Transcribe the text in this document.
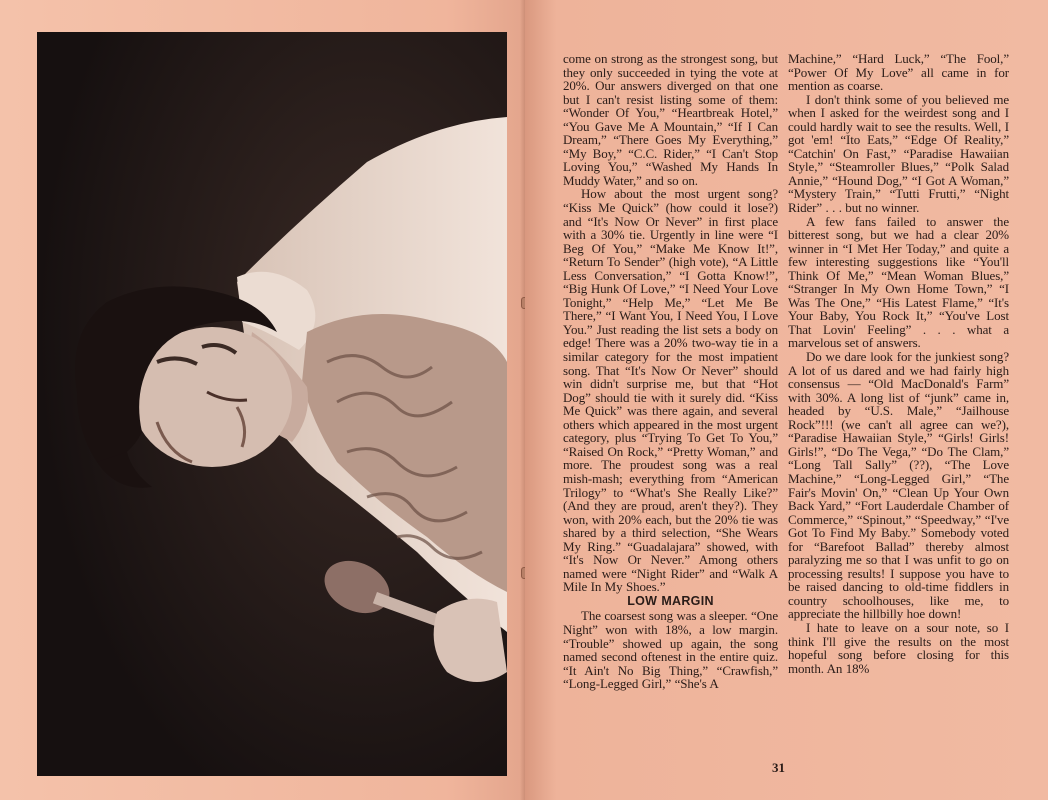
come on strong as the strongest song, but they only succeeded in tying the vote at 20%. Our answers diverged on that one but I can't resist listing some of them: “Wonder Of You,” “Heartbreak Hotel,” “You Gave Me A Mountain,” “If I Can Dream,” “There Goes My Everything,” “My Boy,” “C.C. Rider,” “I Can't Stop Loving You,” “Washed My Hands In Muddy Water,” and so on.

How about the most urgent song? “Kiss Me Quick” (how could it lose?) and “It's Now Or Never” in first place with a 30% tie. Urgently in line were “I Beg Of You,” “Make Me Know It!”, “Return To Sender” (high vote), “A Little Less Conversation,” “I Gotta Know!”, “Big Hunk Of Love,” “I Need Your Love Tonight,” “Help Me,” “Let Me Be There,” “I Want You, I Need You, I Love You.” Just reading the list sets a body on edge! There was a 20% two-way tie in a similar category for the most impatient song. That “It's Now Or Never” should win didn't surprise me, but that “Hot Dog” should tie with it surely did. “Kiss Me Quick” was there again, and several others which appeared in the most urgent category, plus “Trying To Get To You,” “Raised On Rock,” “Pretty Woman,” and more. The proudest song was a real mish-mash; everything from “American Trilogy” to “What's She Really Like?” (And they are proud, aren't they?). They won, with 20% each, but the 20% tie was shared by a third selection, “She Wears My Ring.” “Guadalajara” showed, with “It's Now Or Never.” Among others named were “Night Rider” and “Walk A Mile In My Shoes.”

LOW MARGIN

The coarsest song was a sleeper. “One Night” won with 18%, a low margin. “Trouble” showed up again, the song named second oftenest in the entire quiz. “It Ain't No Big Thing,” “Crawfish,” “Long-Legged Girl,” “She's A

Machine,” “Hard Luck,” “The Fool,” “Power Of My Love” all came in for mention as coarse.

I don't think some of you believed me when I asked for the weirdest song and I could hardly wait to see the results. Well, I got 'em! “Ito Eats,” “Edge Of Reality,” “Catchin' On Fast,” “Paradise Hawaiian Style,” “Steamroller Blues,” “Polk Salad Annie,” “Hound Dog,” “I Got A Woman,” “Mystery Train,” “Tutti Frutti,” “Night Rider” . . . but no winner.

A few fans failed to answer the bitterest song, but we had a clear 20% winner in “I Met Her Today,” and quite a few interesting suggestions like “You'll Think Of Me,” “Mean Woman Blues,” “Stranger In My Own Home Town,” “I Was The One,” “His Latest Flame,” “It's Your Baby, You Rock It,” “You've Lost That Lovin' Feeling” . . . what a marvelous set of answers.

Do we dare look for the junkiest song? A lot of us dared and we had fairly high consensus — “Old MacDonald's Farm” with 30%. A long list of “junk” came in, headed by “U.S. Male,” “Jailhouse Rock”!!! (we can't all agree can we?), “Paradise Hawaiian Style,” “Girls! Girls! Girls!”, “Do The Vega,” “Do The Clam,” “Long Tall Sally” (??), “The Love Machine,” “Long-Legged Girl,” “The Fair's Movin' On,” “Clean Up Your Own Back Yard,” “Fort Lauderdale Chamber of Commerce,” “Spinout,” “Speedway,” “I've Got To Find My Baby.” Somebody voted for “Barefoot Ballad” thereby almost paralyzing me so that I was unfit to go on processing results! I suppose you have to be raised dancing to old-time fiddlers in country schoolhouses, like me, to appreciate the hillbilly hoe down!

I hate to leave on a sour note, so I think I'll give the results on the most hopeful song before closing for this month. An 18%

31
